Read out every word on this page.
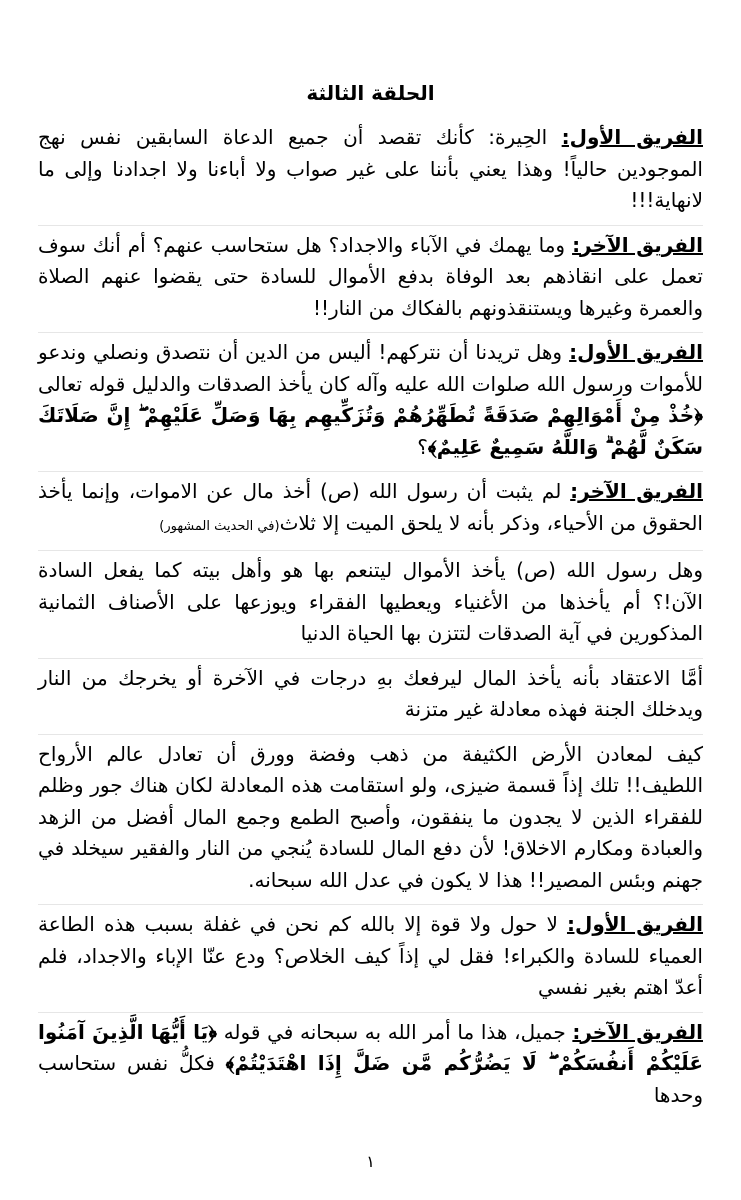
الحلقة الثالثة

الفريق الأول: الحِيرة: كأنك تقصد أن جميع الدعاة السابقين نفس نهج الموجودين حالياً! وهذا يعني بأننا على غير صواب ولا أباءنا ولا اجدادنا وإلى ما لانهاية!!!

الفريق الآخر: وما يهمك في الآباء والاجداد؟ هل ستحاسب عنهم؟ أم أنك سوف تعمل على انقاذهم بعد الوفاة بدفع الأموال للسادة حتى يقضوا عنهم الصلاة والعمرة وغيرها ويستنقذونهم بالفكاك من النار!!

الفريق الأول: وهل تريدنا أن نتركهم! أليس من الدين أن نتصدق ونصلي وندعو للأموات ورسول الله صلوات الله عليه وآله كان يأخذ الصدقات والدليل قوله تعالى ﴿خُذْ مِنْ أَمْوَالِهِمْ صَدَقَةً تُطَهِّرُهُمْ وَتُزَكِّيهِم بِهَا وَصَلِّ عَلَيْهِمْ ۖ إِنَّ صَلَاتَكَ سَكَنٌ لَّهُمْ ۗ وَاللَّهُ سَمِيعٌ عَلِيمٌ﴾؟

الفريق الآخر: لم يثبت أن رسول الله (ص) أخذ مال عن الاموات، وإنما يأخذ الحقوق من الأحياء، وذكر بأنه لا يلحق الميت إلا ثلاث(في الحديث المشهور)

وهل رسول الله (ص) يأخذ الأموال ليتنعم بها هو وأهل بيته كما يفعل السادة الآن!؟ أم يأخذها من الأغنياء ويعطيها الفقراء ويوزعها على الأصناف الثمانية المذكورين في آية الصدقات لتتزن بها الحياة الدنيا

أمَّا الاعتقاد بأنه يأخذ المال ليرفعك بهِ درجات في الآخرة أو يخرجك من النار ويدخلك الجنة فهذه معادلة غير متزنة

كيف لمعادن الأرض الكثيفة من ذهب وفضة وورق أن تعادل عالم الأرواح اللطيف!! تلك إذاً قسمة ضيزى، ولو استقامت هذه المعادلة لكان هناك جور وظلم للفقراء الذين لا يجدون ما ينفقون، وأصبح الطمع وجمع المال أفضل من الزهد والعبادة ومكارم الاخلاق! لأن دفع المال للسادة يُنجي من النار والفقير سيخلد في جهنم وبئس المصير!! هذا لا يكون في عدل الله سبحانه.

الفريق الأول: لا حول ولا قوة إلا بالله كم نحن في غفلة بسبب هذه الطاعة العمياء للسادة والكبراء! فقل لي إذاً كيف الخلاص؟ ودع عنّا الإباء والاجداد، فلم أعدّ اهتم بغير نفسي

الفريق الآخر: جميل، هذا ما أمر الله به سبحانه في قوله ﴿يَا أَيُّهَا الَّذِينَ آمَنُوا عَلَيْكُمْ أَنفُسَكُمْ ۖ لَا يَضُرُّكُم مَّن ضَلَّ إِذَا اهْتَدَيْتُمْ﴾ فكلُّ نفس ستحاسب وحدها

١
